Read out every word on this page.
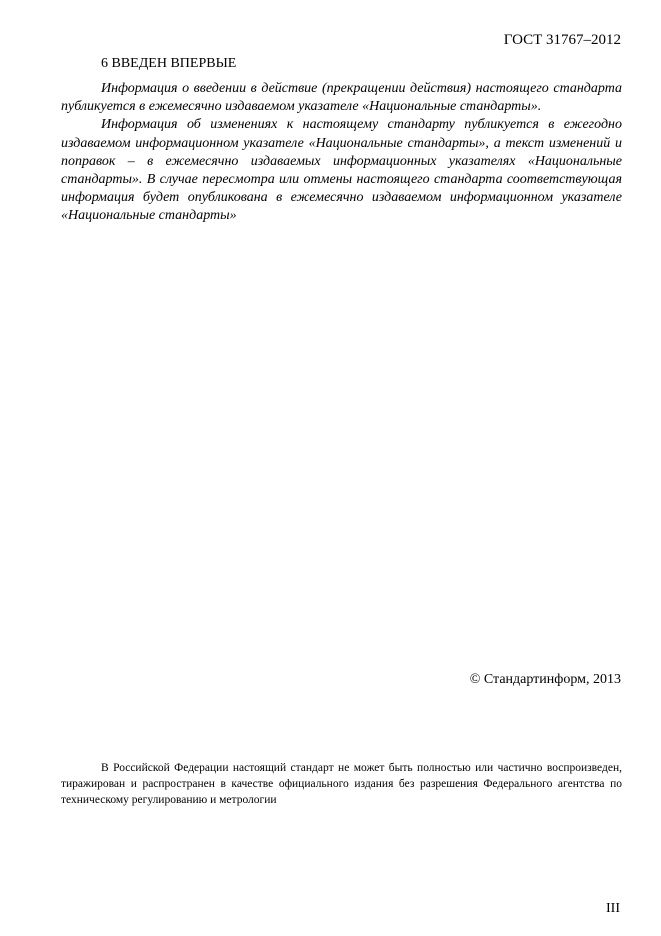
ГОСТ 31767–2012
6 ВВЕДЕН ВПЕРВЫЕ

Информация о введении в действие (прекращении действия) настоящего стандарта публикуется в ежемесячно издаваемом указателе «Национальные стандарты».

Информация об изменениях к настоящему стандарту публикуется в ежегодно издаваемом информационном указателе «Национальные стандарты», а текст изменений и поправок – в ежемесячно издаваемых информационных указателях «Национальные стандарты». В случае пересмотра или отмены настоящего стандарта соответствующая информация будет опубликована в ежемесячно издаваемом информационном указателе «Национальные стандарты»

© Стандартинформ, 2013

В Российской Федерации настоящий стандарт не может быть полностью или частично воспроизведен, тиражирован и распространен в качестве официального издания без разрешения Федерального агентства по техническому регулированию и метрологии

III
